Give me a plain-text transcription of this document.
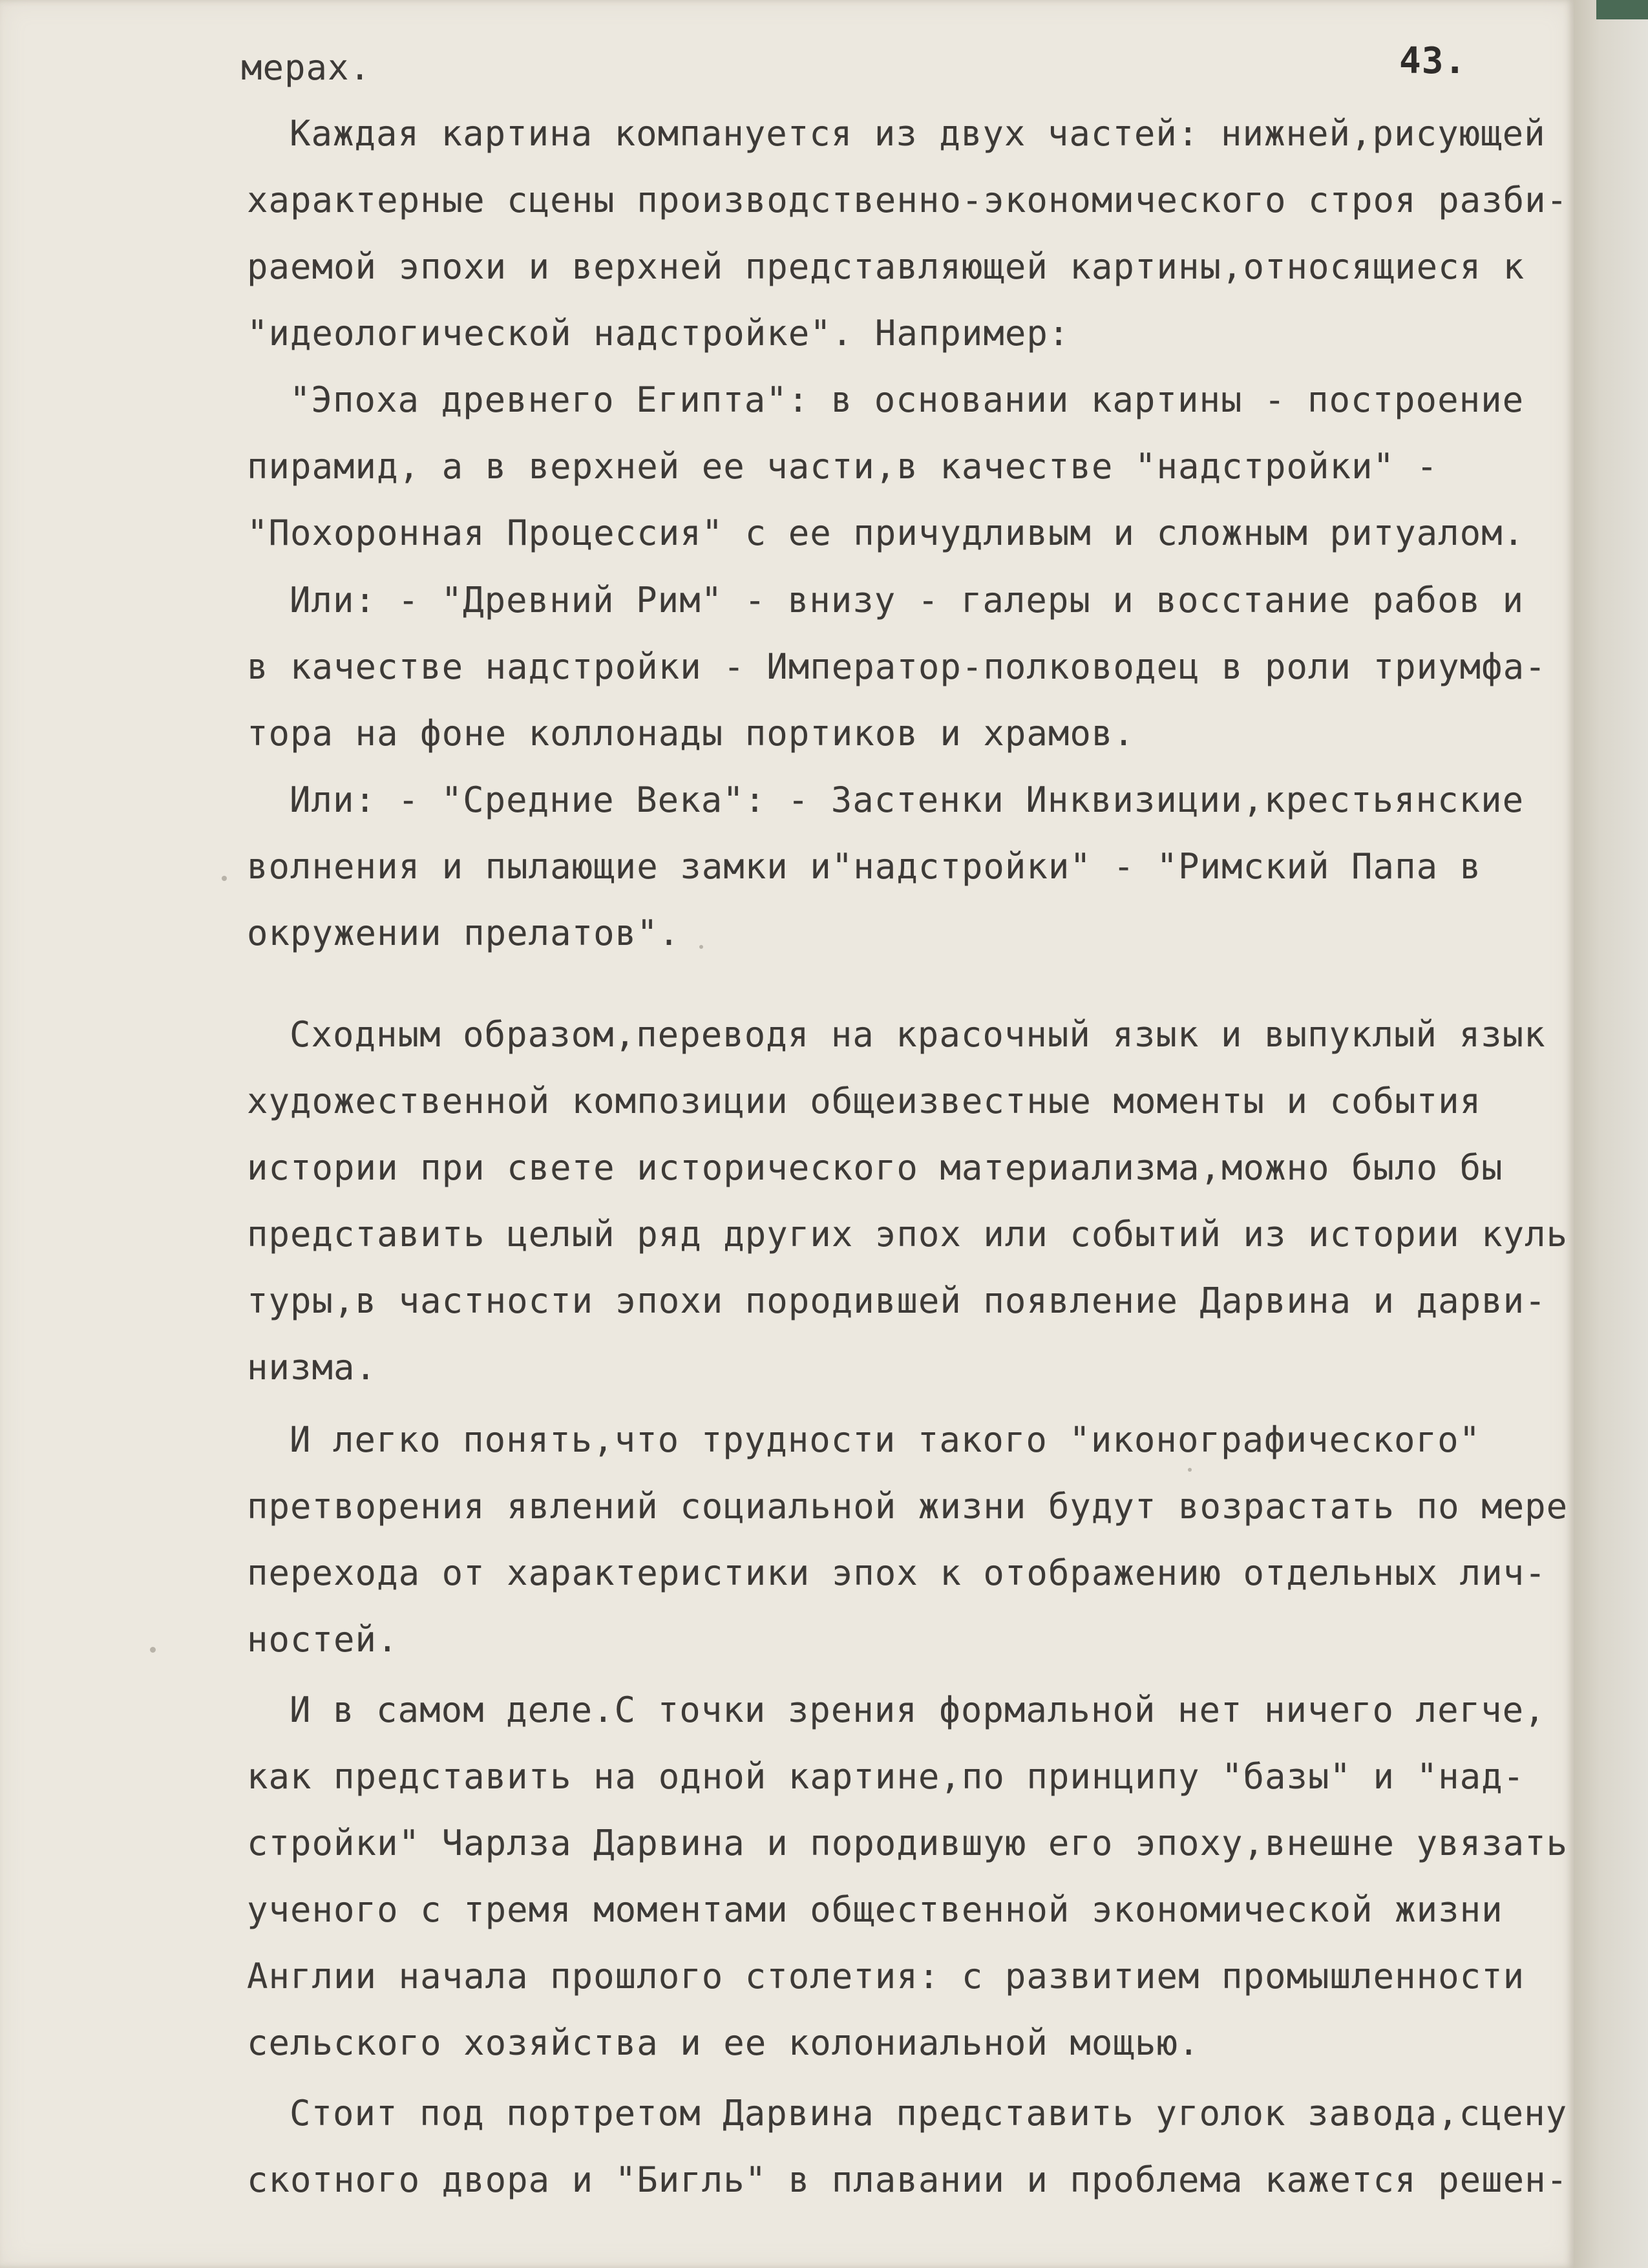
43.
мерах.
Каждая картина компануется из двух частей: нижней,рисующей
характерные сцены производственно-экономического строя разби-
раемой эпохи и верхней представляющей картины,относящиеся к
"идеологической надстройке". Например:
"Эпоха древнего Египта": в основании картины - построение
пирамид, а в верхней ее части,в качестве "надстройки" -
"Похоронная Процессия" с ее причудливым и сложным ритуалом.
Или: - "Древний Рим" - внизу - галеры и восстание рабов и
в качестве надстройки - Император-полководец в роли триумфа-
тора на фоне коллонады портиков и храмов.
Или: - "Средние Века": - Застенки Инквизиции,крестьянские
волнения и пылающие замки и"надстройки" - "Римский Папа в
окружении прелатов".
Сходным образом,переводя на красочный язык и выпуклый язык
художественной композиции общеизвестные моменты и события
истории при свете исторического материализма,можно было бы
представить целый ряд других эпох или событий из истории куль
туры,в частности эпохи породившей появление Дарвина и дарви-
низма.
И легко понять,что трудности такого "иконографического"
претворения явлений социальной жизни будут возрастать по мере
перехода от характеристики эпох к отображению отдельных лич-
ностей.
И в самом деле.С точки зрения формальной нет ничего легче,
как представить на одной картине,по принципу "базы" и "над-
стройки" Чарлза Дарвина и породившую его эпоху,внешне увязать
ученого с тремя моментами общественной экономической жизни
Англии начала прошлого столетия: с развитием промышленности
сельского хозяйства и ее колониальной мощью.
Стоит под портретом Дарвина представить уголок завода,сцену
скотного двора и "Бигль" в плавании и проблема кажется решен-
